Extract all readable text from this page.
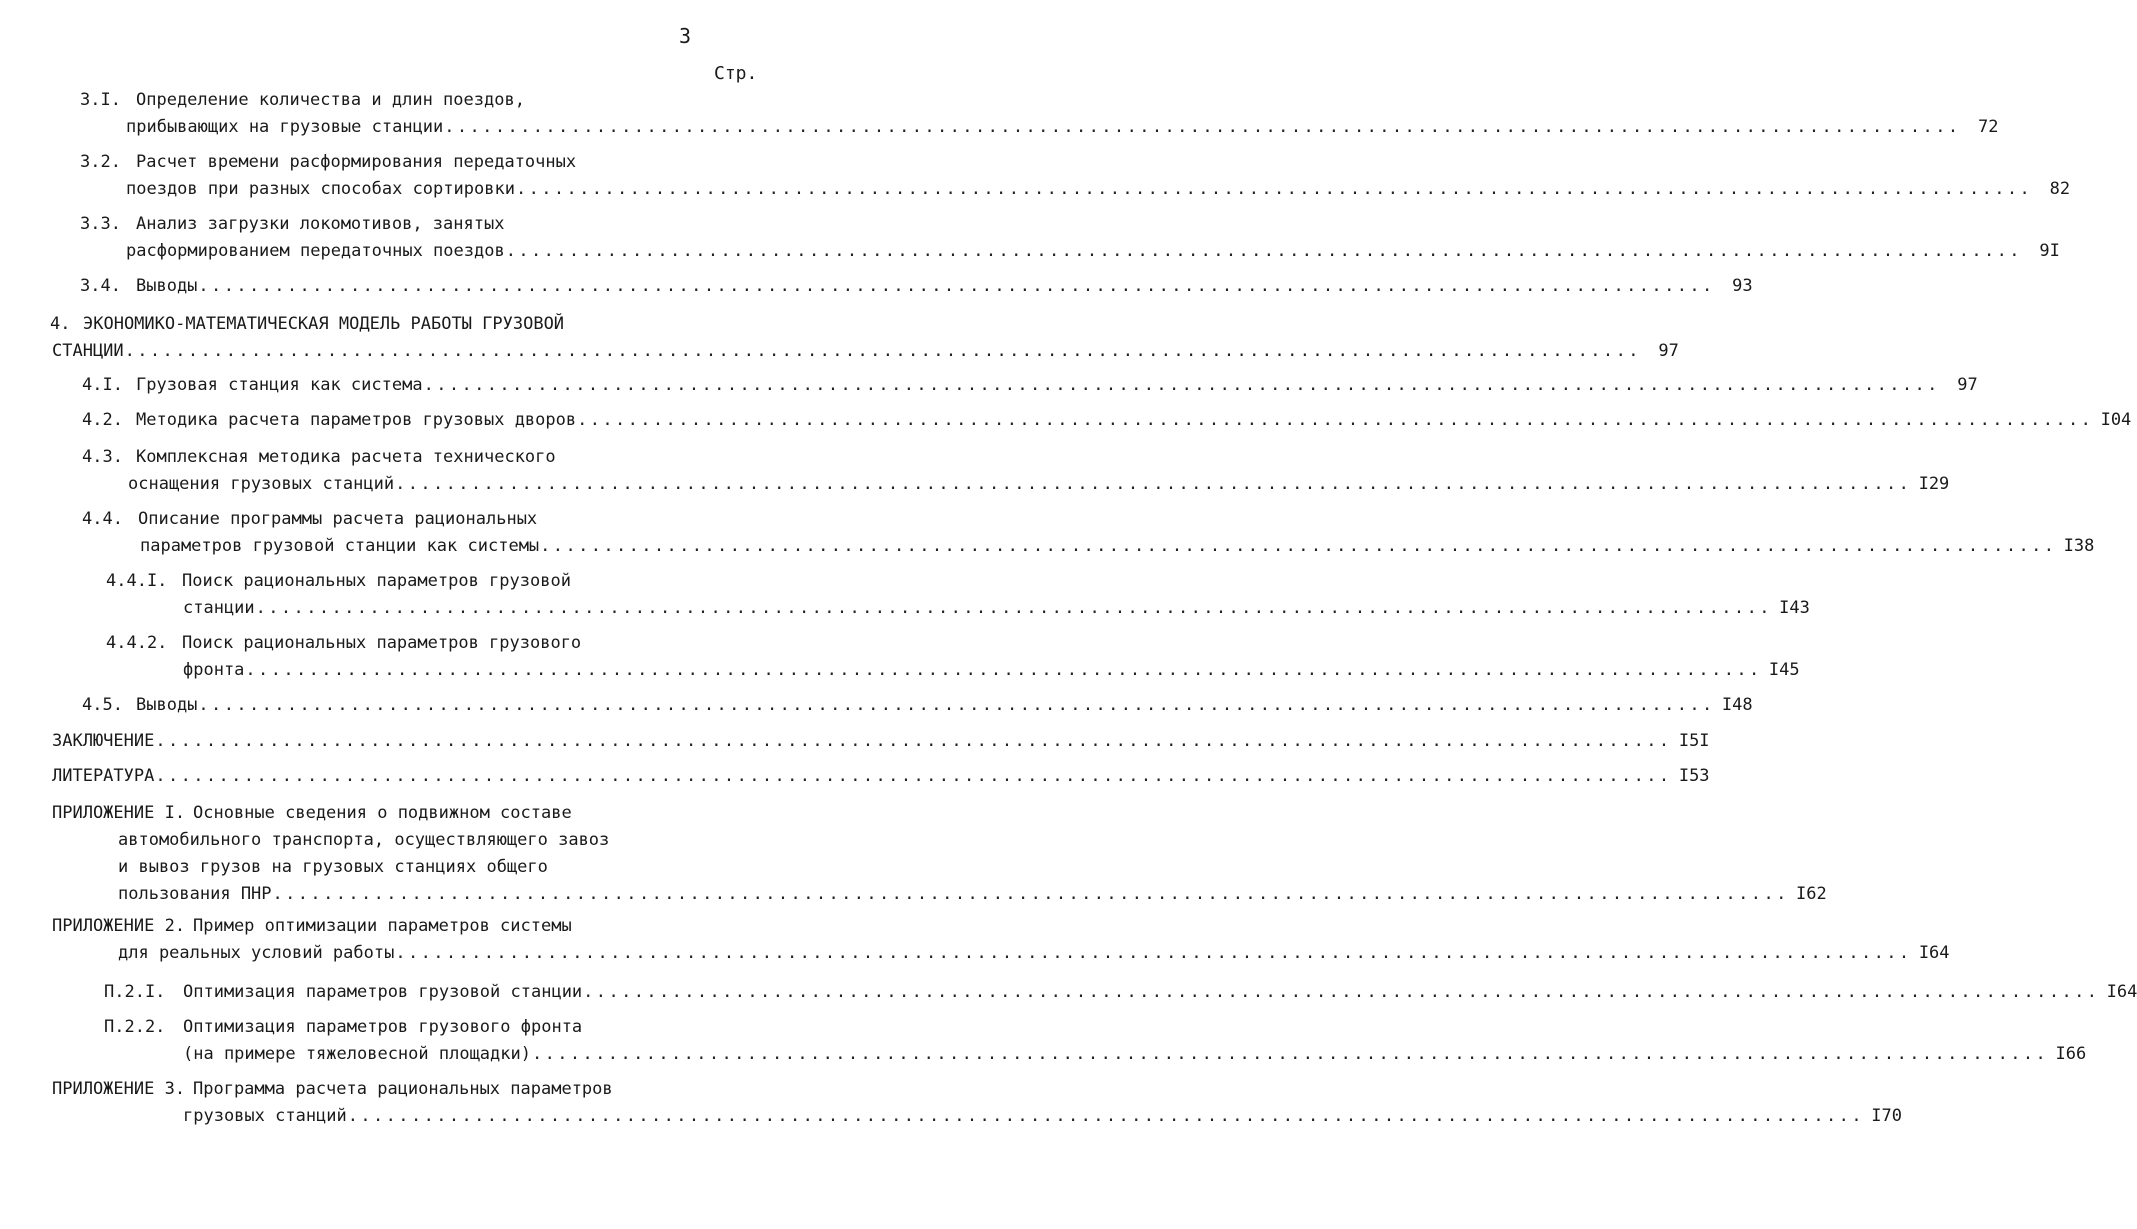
3
Стр.
3.I. Определение количества и длин поездов,
прибывающих на грузовые станции ........................................................................................................................	72
3.2. Расчет времени расформирования передаточных
поездов при разных способах сортировки ........................................................................................................................	82
3.3. Анализ загрузки локомотивов, занятых
расформированием передаточных поездов ........................................................................................................................	9I
3.4. Выводы ........................................................................................................................	93
4. ЭКОНОМИКО-МАТЕМАТИЧЕСКАЯ МОДЕЛЬ РАБОТЫ ГРУЗОВОЙ
СТАНЦИИ ........................................................................................................................	97
4.I. Грузовая станция как система ........................................................................................................................	97
4.2. Методика расчета параметров грузовых дворов ........................................................................................................................ I04
4.3. Комплексная методика расчета технического
оснащения грузовых станций ........................................................................................................................ I29
4.4. Описание программы расчета рациональных
параметров грузовой станции как системы ........................................................................................................................ I38
4.4.I. Поиск рациональных параметров грузовой
станции ........................................................................................................................ I43
4.4.2. Поиск рациональных параметров грузового
фронта ........................................................................................................................ I45
4.5. Выводы ........................................................................................................................ I48
ЗАКЛЮЧЕНИЕ ........................................................................................................................ I5I
ЛИТЕРАТУРА ........................................................................................................................ I53
ПРИЛОЖЕНИЕ I. Основные сведения о подвижном составе
автомобильного транспорта, осуществляющего завоз
и вывоз грузов на грузовых станциях общего
пользования ПНР ........................................................................................................................ I62
ПРИЛОЖЕНИЕ 2. Пример оптимизации параметров системы
для реальных условий работы ........................................................................................................................ I64
П.2.I. Оптимизация параметров грузовой станции ........................................................................................................................ I64
П.2.2. Оптимизация параметров грузового фронта
(на примере тяжеловесной площадки) ........................................................................................................................ I66
ПРИЛОЖЕНИЕ 3. Программа расчета рациональных параметров
грузовых станций ........................................................................................................................ I70
